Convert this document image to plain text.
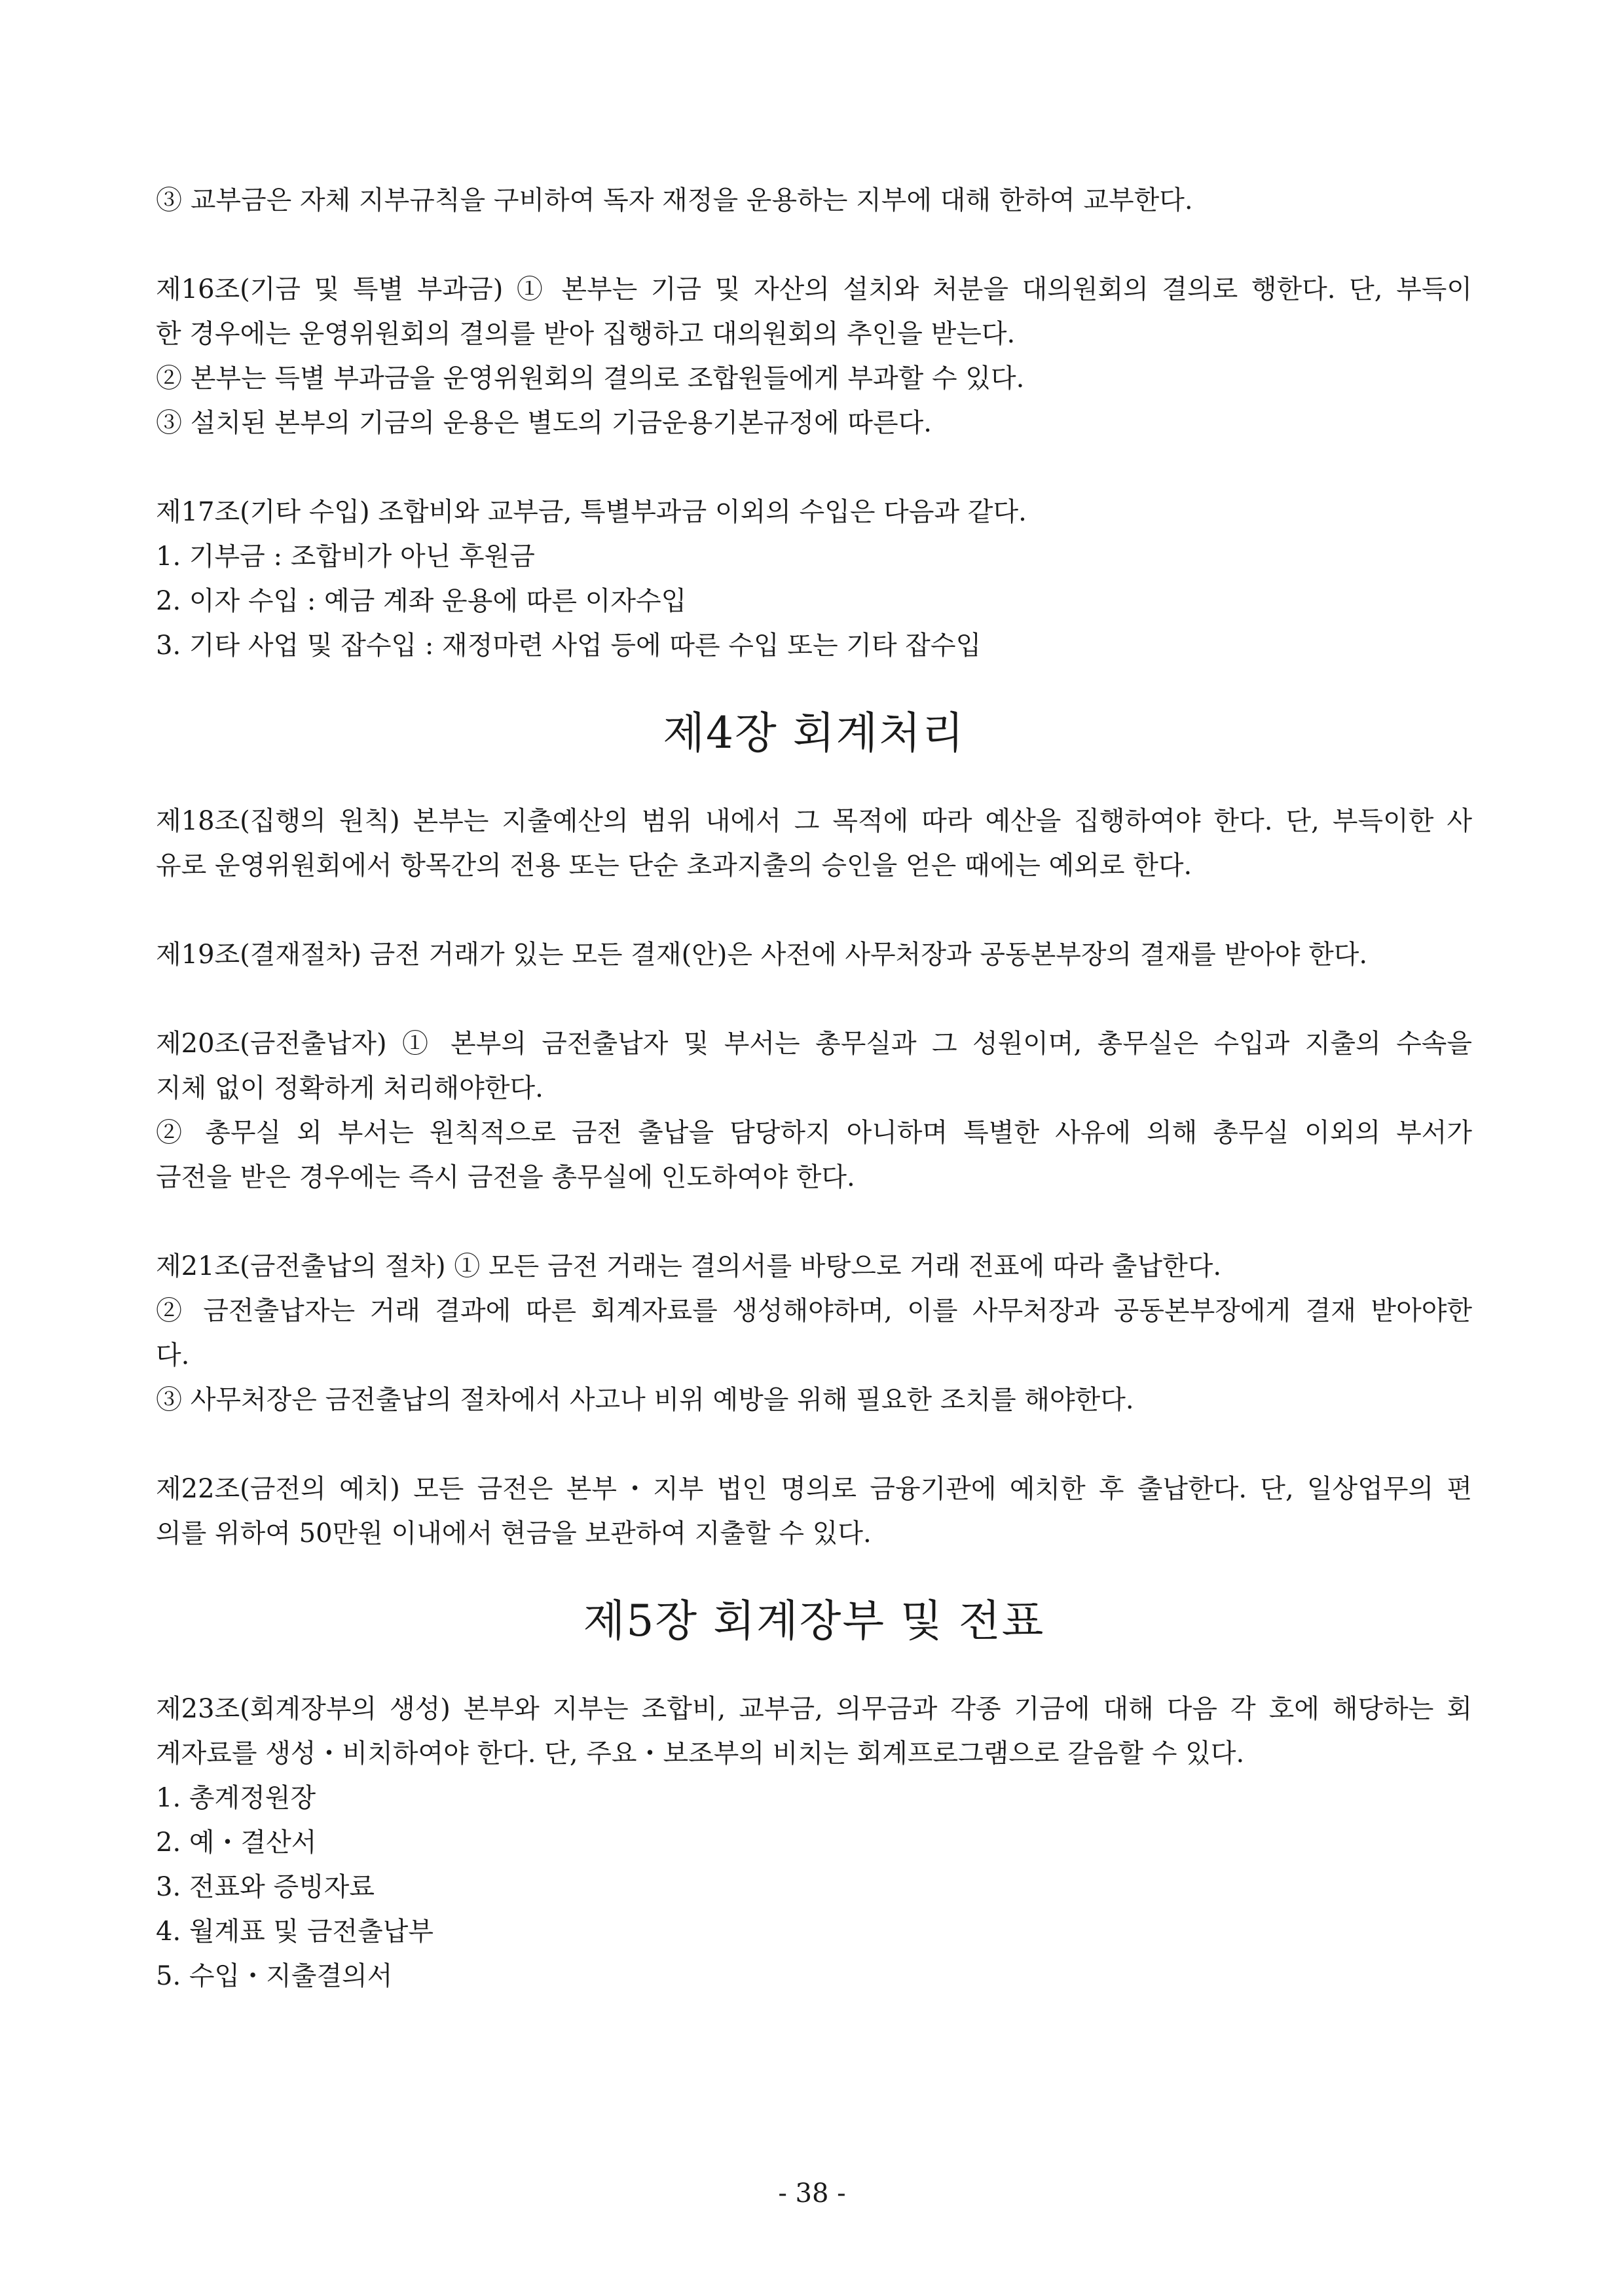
③ 교부금은 자체 지부규칙을 구비하여 독자 재정을 운용하는 지부에 대해 한하여 교부한다.

제16조(기금 및 특별 부과금) ① 본부는 기금 및 자산의 설치와 처분을 대의원회의 결의로 행한다. 단, 부득이

한 경우에는 운영위원회의 결의를 받아 집행하고 대의원회의 추인을 받는다.

② 본부는 득별 부과금을 운영위원회의 결의로 조합원들에게 부과할 수 있다.

③ 설치된 본부의 기금의 운용은 별도의 기금운용기본규정에 따른다.

제17조(기타 수입) 조합비와 교부금, 특별부과금 이외의 수입은 다음과 같다.

1. 기부금 : 조합비가 아닌 후원금

2. 이자 수입 : 예금 계좌 운용에 따른 이자수입

3. 기타 사업 및 잡수입 : 재정마련 사업 등에 따른 수입 또는 기타 잡수입

제4장 회계처리

제18조(집행의 원칙) 본부는 지출예산의 범위 내에서 그 목적에 따라 예산을 집행하여야 한다. 단, 부득이한 사

유로 운영위원회에서 항목간의 전용 또는 단순 초과지출의 승인을 얻은 때에는 예외로 한다.

제19조(결재절차) 금전 거래가 있는 모든 결재(안)은 사전에 사무처장과 공동본부장의 결재를 받아야 한다.

제20조(금전출납자) ① 본부의 금전출납자 및 부서는 총무실과 그 성원이며, 총무실은 수입과 지출의 수속을

지체 없이 정확하게 처리해야한다.

② 총무실 외 부서는 원칙적으로 금전 출납을 담당하지 아니하며 특별한 사유에 의해 총무실 이외의 부서가

금전을 받은 경우에는 즉시 금전을 총무실에 인도하여야 한다.

제21조(금전출납의 절차) ① 모든 금전 거래는 결의서를 바탕으로 거래 전표에 따라 출납한다.

② 금전출납자는 거래 결과에 따른 회계자료를 생성해야하며, 이를 사무처장과 공동본부장에게 결재 받아야한

다.

③ 사무처장은 금전출납의 절차에서 사고나 비위 예방을 위해 필요한 조치를 해야한다.

제22조(금전의 예치) 모든 금전은 본부・지부 법인 명의로 금융기관에 예치한 후 출납한다. 단, 일상업무의 편

의를 위하여 50만원 이내에서 현금을 보관하여 지출할 수 있다.

제5장 회계장부 및 전표

제23조(회계장부의 생성) 본부와 지부는 조합비, 교부금, 의무금과 각종 기금에 대해 다음 각 호에 해당하는 회

계자료를 생성・비치하여야 한다. 단, 주요・보조부의 비치는 회계프로그램으로 갈음할 수 있다.

1. 총계정원장

2. 예・결산서

3. 전표와 증빙자료

4. 월계표 및 금전출납부

5. 수입・지출결의서

- 38 -
